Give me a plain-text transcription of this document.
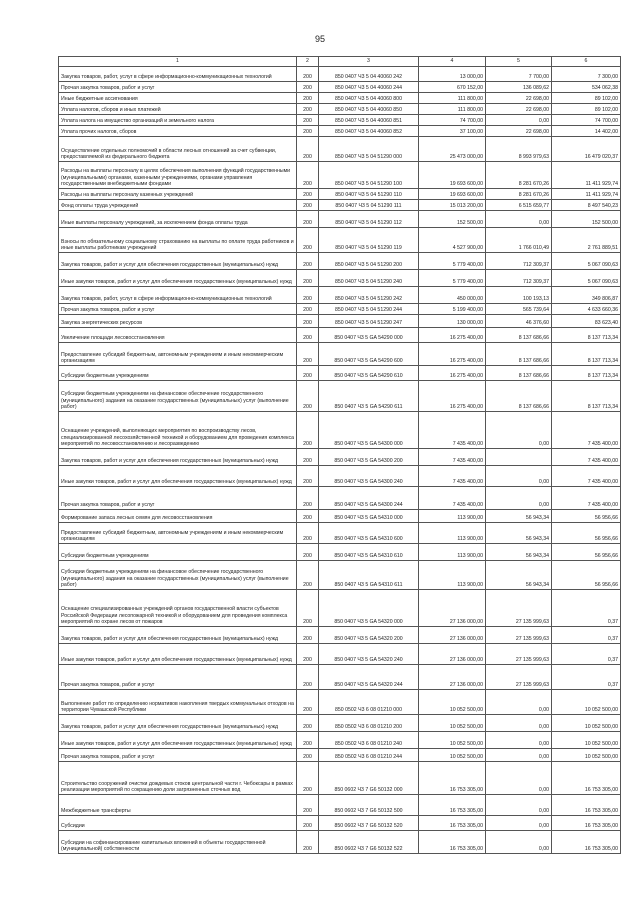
95
1	2	3	4	5	6
Закупка товаров, работ, услуг в сфере информационно-коммуникационных технологий	200	850 0407 Ч3 5 04 40060 242	13 000,00	7 700,00	7 300,00
Прочая закупка товаров, работ и услуг	200	850 0407 Ч3 5 04 40060 244	670 152,00	136 089,62	534 062,38
Иные бюджетные ассигнования	200	850 0407 Ч3 5 04 40060 800	111 800,00	22 698,00	89 102,00
Уплата налогов, сборов и иных платежей	200	850 0407 Ч3 5 04 40060 850	111 800,00	22 698,00	89 102,00
Уплата налога на имущество организаций и земельного налога	200	850 0407 Ч3 5 04 40060 851	74 700,00	0,00	74 700,00
Уплата прочих налогов, сборов	200	850 0407 Ч3 5 04 40060 852	37 100,00	22 698,00	14 402,00
Осуществление отдельных полномочий в области лесных отношений за счет субвенции, предоставляемой из федерального бюджета	200	850 0407 Ч3 5 04 51290 000	25 473 000,00	8 993 979,63	16 479 020,37
Расходы на выплаты персоналу в целях обеспечения выполнения функций государственными (муниципальными) органами, казенными учреждениями, органами управления государственными внебюджетными фондами	200	850 0407 Ч3 5 04 51290 100	19 693 600,00	8 281 670,26	11 411 929,74
Расходы на выплаты персоналу казенных учреждений	200	850 0407 Ч3 5 04 51290 110	19 693 600,00	8 281 670,26	11 411 929,74
Фонд оплаты труда учреждений	200	850 0407 Ч3 5 04 51290 111	15 013 200,00	6 515 659,77	8 497 540,23
Иные выплаты персоналу учреждений, за исключением фонда оплаты труда	200	850 0407 Ч3 5 04 51290 112	152 500,00	0,00	152 500,00
Взносы по обязательному социальному страхованию на выплаты по оплате труда работников и иные выплаты работникам учреждений	200	850 0407 Ч3 5 04 51290 119	4 527 900,00	1 766 010,49	2 761 889,51
Закупка товаров, работ и услуг для обеспечения государственных (муниципальных) нужд	200	850 0407 Ч3 5 04 51290 200	5 779 400,00	712 309,37	5 067 090,63
Иные закупки товаров, работ и услуг для обеспечения государственных (муниципальных) нужд	200	850 0407 Ч3 5 04 51290 240	5 779 400,00	712 309,37	5 067 090,63
Закупка товаров, работ, услуг в сфере информационно-коммуникационных технологий	200	850 0407 Ч3 5 04 51290 242	450 000,00	100 193,13	349 806,87
Прочая закупка товаров, работ и услуг	200	850 0407 Ч3 5 04 51290 244	5 199 400,00	565 739,64	4 633 660,36
Закупка энергетических ресурсов	200	850 0407 Ч3 5 04 51290 247	130 000,00	46 376,60	83 623,40
Увеличение площади лесовосстановления	200	850 0407 Ч3 5 GA 54290 000	16 275 400,00	8 137 686,66	8 137 713,34
Предоставление субсидий бюджетным, автономным учреждениям и иным некоммерческим организациям	200	850 0407 Ч3 5 GA 54290 600	16 275 400,00	8 137 686,66	8 137 713,34
Субсидии бюджетным учреждениям	200	850 0407 Ч3 5 GA 54290 610	16 275 400,00	8 137 686,66	8 137 713,34
Субсидии бюджетным учреждениям на финансовое обеспечение государственного (муниципального) задания на оказание государственных (муниципальных) услуг (выполнение работ)	200	850 0407 Ч3 5 GA 54290 611	16 275 400,00	8 137 686,66	8 137 713,34
Оснащение учреждений, выполняющих мероприятия по воспроизводству лесов, специализированной лесохозяйственной техникой и оборудованием для проведения комплекса мероприятий по лесовосстановлению и лесоразведению	200	850 0407 Ч3 5 GA 54300 000	7 435 400,00	0,00	7 435 400,00
Закупка товаров, работ и услуг для обеспечения государственных (муниципальных) нужд	200	850 0407 Ч3 5 GA 54300 200	7 435 400,00		7 435 400,00
Иные закупки товаров, работ и услуг для обеспечения государственных (муниципальных) нужд	200	850 0407 Ч3 5 GA 54300 240	7 435 400,00	0,00	7 435 400,00
Прочая закупка товаров, работ и услуг	200	850 0407 Ч3 5 GA 54300 244	7 435 400,00	0,00	7 435 400,00
Формирование запаса лесных семян для лесовосстановления	200	850 0407 Ч3 5 GA 54310 000	113 900,00	56 943,34	56 956,66
Предоставление субсидий бюджетным, автономным учреждениям и иным некоммерческим организациям	200	850 0407 Ч3 5 GA 54310 600	113 900,00	56 943,34	56 956,66
Субсидии бюджетным учреждениям	200	850 0407 Ч3 5 GA 54310 610	113 900,00	56 943,34	56 956,66
Субсидии бюджетным учреждениям на финансовое обеспечение государственного (муниципального) задания на оказание государственных (муниципальных) услуг (выполнение работ)	200	850 0407 Ч3 5 GA 54310 611	113 900,00	56 943,34	56 956,66
Оснащение специализированных учреждений органов государственной власти субъектов Российской Федерации лесопожарной техникой и оборудованием для проведения комплекса мероприятий по охране лесов от пожаров	200	850 0407 Ч3 5 GA 54320 000	27 136 000,00	27 135 999,63	0,37
Закупка товаров, работ и услуг для обеспечения государственных (муниципальных) нужд	200	850 0407 Ч3 5 GA 54320 200	27 136 000,00	27 135 999,63	0,37
Иные закупки товаров, работ и услуг для обеспечения государственных (муниципальных) нужд	200	850 0407 Ч3 5 GA 54320 240	27 136 000,00	27 135 999,63	0,37
Прочая закупка товаров, работ и услуг	200	850 0407 Ч3 5 GA 54320 244	27 136 000,00	27 135 999,63	0,37
Выполнение работ по определению нормативов накопления твердых коммунальных отходов на территории Чувашской Республики	200	850 0502 Ч3 6 08 01210 000	10 052 500,00	0,00	10 052 500,00
Закупка товаров, работ и услуг для обеспечения государственных (муниципальных) нужд	200	850 0502 Ч3 6 08 01210 200	10 052 500,00	0,00	10 052 500,00
Иные закупки товаров, работ и услуг для обеспечения государственных (муниципальных) нужд	200	850 0502 Ч3 6 08 01210 240	10 052 500,00	0,00	10 052 500,00
Прочая закупка товаров, работ и услуг	200	850 0502 Ч3 6 08 01210 244	10 052 500,00	0,00	10 052 500,00
Строительство сооружений очистки дождевых стоков центральной части г. Чебоксары в рамках реализации мероприятий по сокращению доли загрязненных сточных вод	200	850 0602 Ч3 7 G6 50132 000	16 753 305,00	0,00	16 753 305,00
Межбюджетные трансферты	200	850 0602 Ч3 7 G6 50132 500	16 753 305,00	0,00	16 753 305,00
Субсидии	200	850 0602 Ч3 7 G6 50132 520	16 753 305,00	0,00	16 753 305,00
Субсидии на софинансирование капитальных вложений в объекты государственной (муниципальной) собственности	200	850 0602 Ч3 7 G6 50132 522	16 753 305,00	0,00	16 753 305,00
